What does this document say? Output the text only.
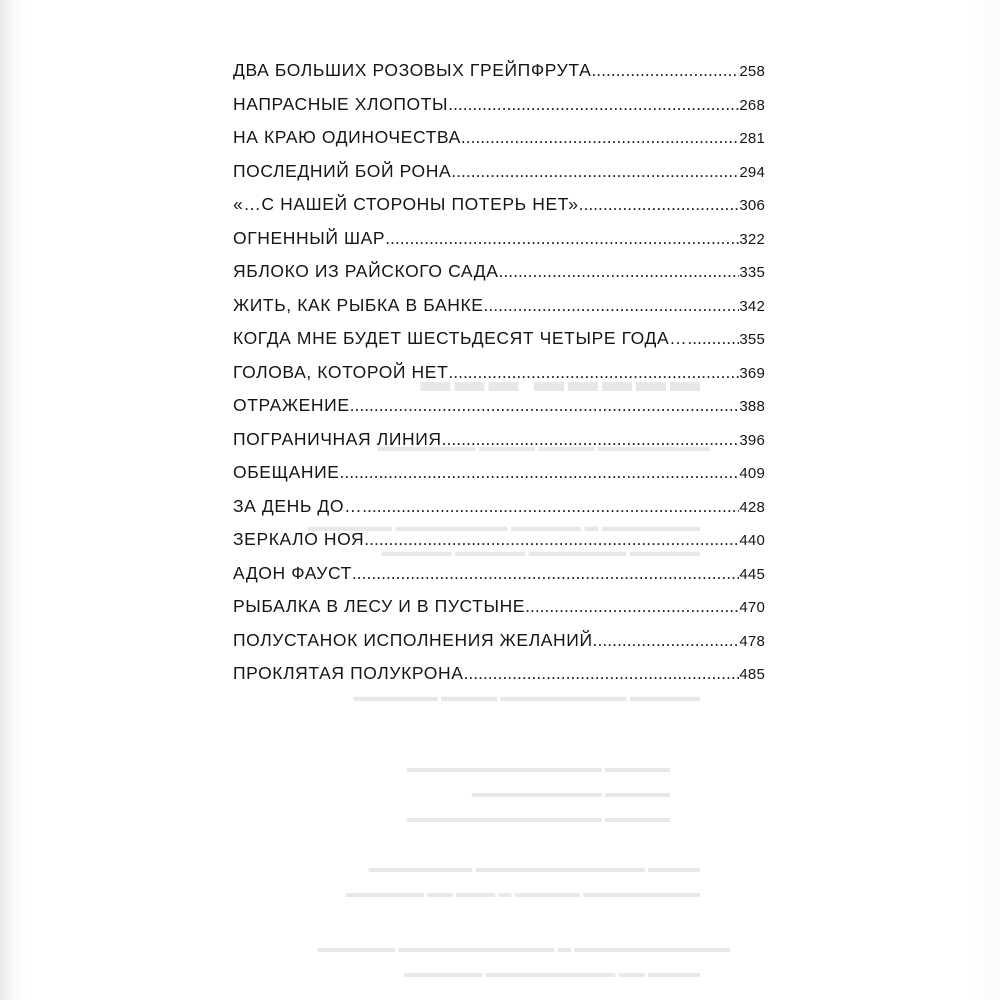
▬▬▬▬▬ ▬▬▬
▬▬▬▬▬▬▬▬ ▬▬▬▬ ▬▬▬▬ ▬▬▬▬▬▬▬
▬▬▬▬▬▬▬ ▬ ▬▬▬▬▬ ▬▬▬▬▬▬▬▬ ▬▬▬▬▬▬
▬▬▬▬▬ ▬▬▬▬▬▬▬ ▬▬▬▬▬ ▬▬▬▬▬
▬▬▬▬▬ ▬▬▬▬▬▬▬▬▬ ▬▬▬▬ ▬▬▬▬▬▬
▬▬▬▬▬ ▬▬▬▬▬▬▬▬▬▬▬▬▬▬▬
▬▬▬▬▬ ▬▬▬▬▬▬▬▬▬▬
▬▬▬▬▬ ▬▬▬▬▬▬▬▬▬▬▬▬▬▬▬
▬▬▬▬ ▬▬▬▬▬▬▬▬▬▬▬▬▬ ▬▬▬▬▬▬▬▬
▬▬▬▬▬▬▬▬▬ ▬▬▬▬▬ ▬ ▬▬▬ ▬▬ ▬▬▬▬▬▬
▬▬▬▬▬▬▬▬▬▬▬▬ ▬ ▬▬▬▬▬▬▬▬▬▬▬▬ ▬▬▬▬▬▬
▬▬▬▬ ▬▬ ▬▬▬▬▬▬▬▬▬▬ ▬▬▬▬▬▬
ДВА БОЛЬШИХ РОЗОВЫХ ГРЕЙПФРУТА .....	258
НАПРАСНЫЕ ХЛОПОТЫ .....	268
НА КРАЮ ОДИНОЧЕСТВА .....	281
ПОСЛЕДНИЙ БОЙ РОНА .....	294
«…С НАШЕЙ СТОРОНЫ ПОТЕРЬ НЕТ» .....	306
ОГНЕННЫЙ ШАР .....	322
ЯБЛОКО ИЗ РАЙСКОГО САДА .....	335
ЖИТЬ, КАК РЫБКА В БАНКЕ .....	342
КОГДА МНЕ БУДЕТ ШЕСТЬДЕСЯТ ЧЕТЫРЕ ГОДА… .....	355
ГОЛОВА, КОТОРОЙ НЕТ .....	369
ОТРАЖЕНИЕ .....	388
ПОГРАНИЧНАЯ ЛИНИЯ .....	396
ОБЕЩАНИЕ .....	409
ЗА ДЕНЬ ДО… .....	428
ЗЕРКАЛО НОЯ .....	440
АДОН ФАУСТ .....	445
РЫБАЛКА В ЛЕСУ И В ПУСТЫНЕ .....	470
ПОЛУСТАНОК ИСПОЛНЕНИЯ ЖЕЛАНИЙ .....	478
ПРОКЛЯТАЯ ПОЛУКРОНА .....	485
